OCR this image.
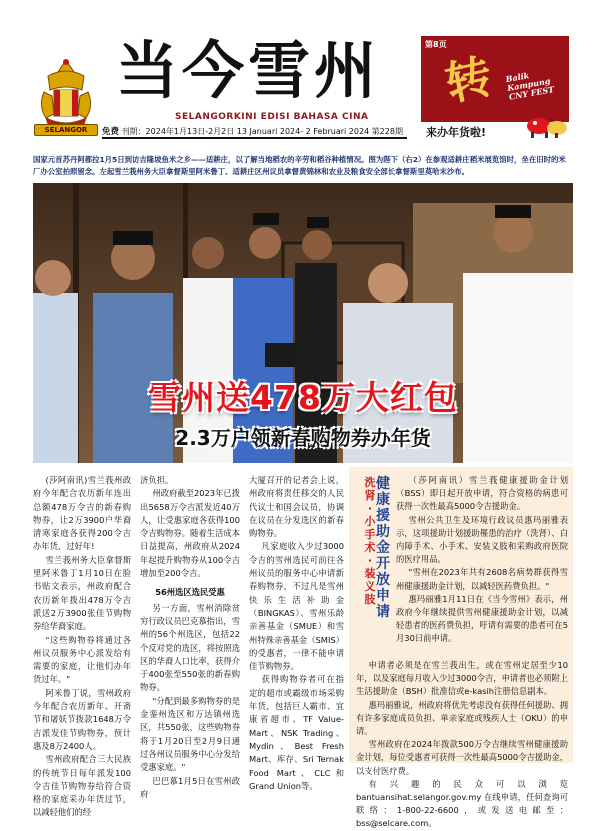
SELANGOR
当今雪州
SELANGORKINI EDISI BAHASA CINA
免费 刊期：2024年1月13日-2月2日 13 Januari 2024- 2 Februari 2024 第228期
第8页
转 Balik Kampung CNY FEST
来办年货啦!
国家元首苏丹阿都拉1月5日到访吉隆坡鱼米之乡——适耕庄，以了解当地稻农的辛劳和稻谷种植情况。图为陛下（右2）在参观适耕庄稻米展览馆时，坐在旧时的米厂办公室拍照留念。左起雪兰莪州务大臣拿督斯里阿米鲁丁、适耕庄区州议员拿督黄锦林和农业及粮食安全部长拿督斯里莫哈末沙布。
雪州送478万大红包
2.3万户领新春购物券办年货

(莎阿南讯)雪兰莪州政府今年配合农历新年连出总额478万令吉的新春购物券，让2万3900户华裔清寒家庭各获得200令吉办年货，过好年!

雪兰莪州务大臣拿督斯里阿米鲁丁1月10日在脸书贴文表示，州政府配合农历新年拨出478万令吉派送2万3900张佳节购物券给华裔家庭。

"这些购物券将通过各州议员服务中心派发给有需要的家庭，让他们办年货过年。"

阿米鲁丁说，雪州政府今年配合农历新年、开斋节和屠妖节拨款1648万令吉派发佳节购物券，预计惠及8万2400人。

雪州政府配合三大民族的传统节日每年派发100令吉佳节购物券给符合资格的家庭采办年货过节，以减轻他们的经

济负担。

州政府截至2023年已拨出5658万令吉派发近40万人，让受惠家庭各获得100令吉购物券。随着生活成本日益提高，州政府从2024年起提升购物券从100令吉增加至200令吉。

56州选区选民受惠

另一方面，雪州消除贫穷行政议员巴克慕指出，雪州的56个州选区，包括22个反对党的选区，将按照选区的华裔人口比率，获得介于400张至550张的新春购物券。

"分配到最多购物券的是金銮州选区和万达镇州选区，共550张，这些购物券将于1月20日至2月9日通过各州议员服务中心分发给受惠家庭。"

巴巴慕1月5日在雪州政府

大厦召开的记者会上说，州政府将责任移交的人民代议士和国会议员，协调在议员在分发选区的新春购物券。

凡家庭收入少过3000令吉的雪州选民可前往各州议员的服务中心申请新春购物券，不过凡是雪州快乐生活补助金（BINGKAS）、雪州乐龄亲善基金（SMUE）和雪州特殊亲善基金（SMIS）的受惠者，一律不能申请佳节购物券。

获得购物券者可在指定的超市或霸级市场采购年货，包括巨人霸市、宜康省超市、TF Value-Mart、NSK Trading、Mydin、Best Fresh Mart、库存、Sri Ternak Food Mart、CLC和Grand Union等。

洗
肾
·
小
手
术
·
装
义
肢
健
康
援
助
金
开
放
申
请

（莎阿南讯）雪兰莪健康援助金计划（BSS）即日起开放申请，符合资格的病患可获得一次性最高5000令吉援助金。

雪州公共卫生及环境行政议员惠玛丽雅表示，这项援助计划援助罹患的治疗（洗肾）、白内障手术、小手术、安装义肢和采购政府医院的医疗用品。

"雪州在2023年共有2608名病势群获得雪州健康援助金计划，以减轻医药费负担。"

惠玛丽雅1月11日在《当今雪州》表示，州政府今年继续提供雪州健康援助金计划，以减轻患者的医药费负担，吁请有需要的患者可在5月30日前申请。

申请者必须是在雪兰莪出生，或在雪州定居至少10年，以及家庭每月收入少过3000令吉，申请者也必须附上生活援助金（BSH）批准信或e-kasih注册信息副本。

惠玛丽雅说，州政府将优先考虑没有获得任何援助、拥有许多家庭成员负担、单亲家庭或残疾人士（OKU）的申请。

雪州政府在2024年拨款500万令吉继续雪州健康援助金计划，每位受惠者可获得一次性最高5000令吉援助金，以支付医疗费。

有兴趣的民众可以浏览 bantuansihat.selangor.gov.my 在线申请，任何查询可联络：1-800-22-6600，或发送电邮至：bss@selcare.com。
